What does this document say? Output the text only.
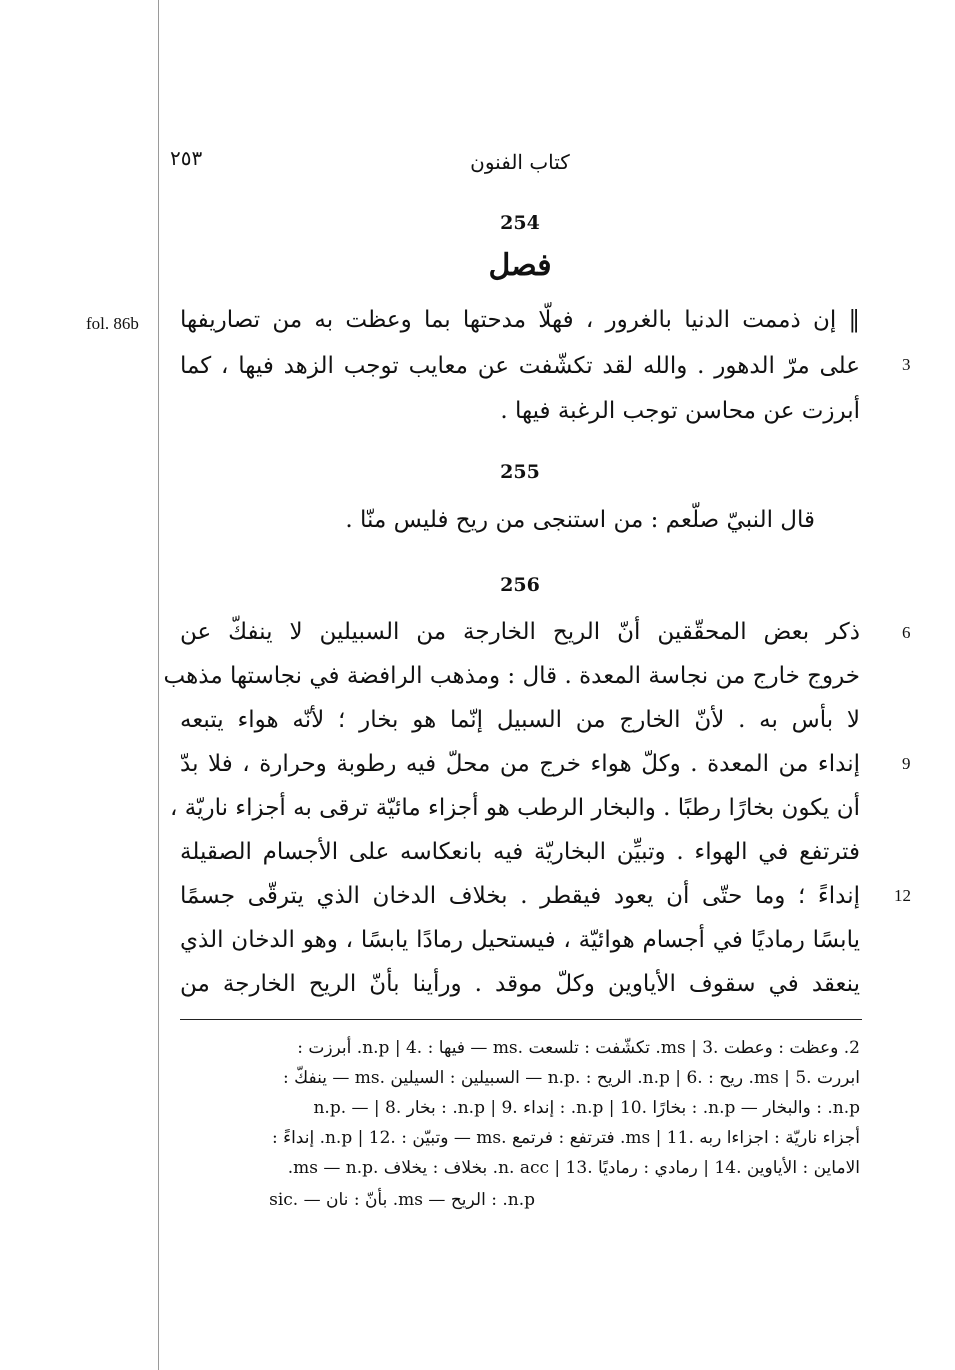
٢٥٣	كتاب الفنون
254
فصل
fol. 86b ‖ إن ذممت الدنيا بالغرور ، فهلّا مدحتها بما وعظت به من تصاريفها
على مرّ الدهور . والله لقد تكشّفت عن معايب توجب الزهد فيها ، كما 3
أبرزت عن محاسن توجب الرغبة فيها .
255
قال النبيّ صلّعم : من استنجى من ريح فليس منّا .
256
ذكر بعض المحقّقين أنّ الريح الخارجة من السبيلين لا ينفكّ عن 6
خروج خارج من نجاسة المعدة . قال : ومذهب الرافضة في نجاستها مذهب
لا بأس به . لأنّ الخارج من السبيل إنّما هو بخار ؛ لأنّه هواء يتبعه
إنداء من المعدة . وكلّ هواء خرج من محلّ فيه رطوبة وحرارة ، فلا بدّ 9
أن يكون بخارًا رطبًا . والبخار الرطب هو أجزاء مائيّة ترقى به أجزاء ناريّة ،
فترتفع في الهواء . وتبيِّن البخاريّة فيه بانعكاسه على الأجسام الصقيلة
إنداءً ؛ وما حتّى أن يعود فيقطر . بخلاف الدخان الذي يترقّى جسمًا 12
يابسًا رماديًا في أجسام هوائيّة ، فيستحيل رمادًا يابسًا ، وهو الدخان الذي
ينعقد في سقوف الأياوين وكلّ موقد . ورأينا بأنّ الريح الخارجة من
2. وعظت : وعطت .ms | 3. تكشّفت : تلسعت .ms — فيها : .n.p | 4. أبرزت :
ابررت .ms | 5. ريح : .n.p | 6. الريح : .n.p — السبيلين : السيلين .ms — ينفكّ :
n.p. — | 8. بخار : .n.p | 9. إنداء : .n.p | 10. بخارًا : .n.p — والبخار : .n.p
أجزاء ناريّة : اجزاءا ربه .ms | 11. فترتفع : فرتمع .ms — وتبيّن : .n.p | 12. إنداءً :
الاماين : الأياوين .14 | رمادي : رماديًا .n. acc | 13. بخلاف : يخلاف .ms — n.p.
sic. — بأنّ : نان .ms — الريح : .n.p
